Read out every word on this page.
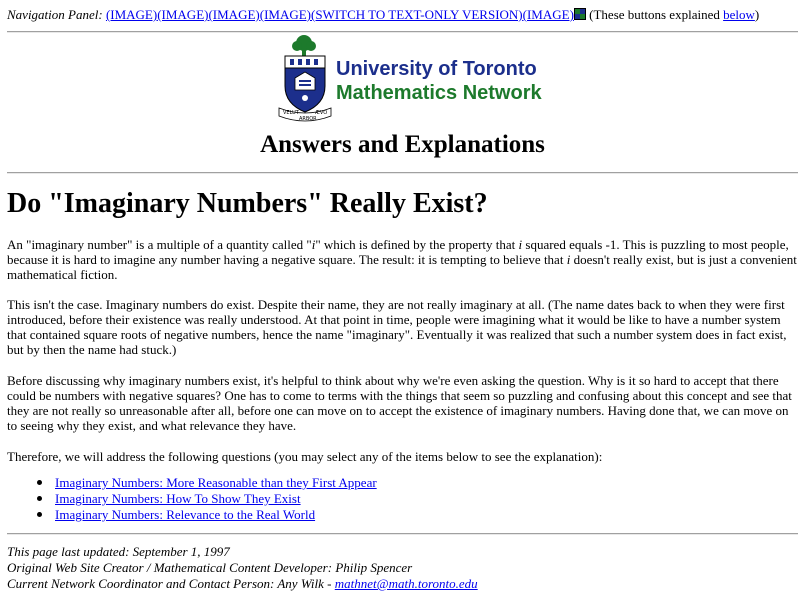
Navigation Panel: (IMAGE)(IMAGE)(IMAGE)(IMAGE)(SWITCH TO TEXT-ONLY VERSION)(IMAGE)
(These buttons explained below)
VELUT
ARBOR
ÆVO
University of Toronto
Mathematics Network
Answers and Explanations
Do "Imaginary Numbers" Really Exist?

An "imaginary number" is a multiple of a quantity called "i" which is defined by the property that i squared equals -1. This is puzzling to most people, because it is hard to imagine any number having a negative square. The result: it is tempting to believe that i doesn't really exist, but is just a convenient mathematical fiction.

This isn't the case. Imaginary numbers do exist. Despite their name, they are not really imaginary at all. (The name dates back to when they were first introduced, before their existence was really understood. At that point in time, people were imagining what it would be like to have a number system that contained square roots of negative numbers, hence the name "imaginary". Eventually it was realized that such a number system does in fact exist, but by then the name had stuck.)

Before discussing why imaginary numbers exist, it's helpful to think about why we're even asking the question. Why is it so hard to accept that there could be numbers with negative squares? One has to come to terms with the things that seem so puzzling and confusing about this concept and see that they are not really so unreasonable after all, before one can move on to accept the existence of imaginary numbers. Having done that, we can move on to seeing why they exist, and what relevance they have.

Therefore, we will address the following questions (you may select any of the items below to see the explanation):

Imaginary Numbers: More Reasonable than they First Appear
Imaginary Numbers: How To Show They Exist
Imaginary Numbers: Relevance to the Real World
This page last updated: September 1, 1997
Original Web Site Creator / Mathematical Content Developer: Philip Spencer
Current Network Coordinator and Contact Person: Any Wilk - mathnet@math.toronto.edu
